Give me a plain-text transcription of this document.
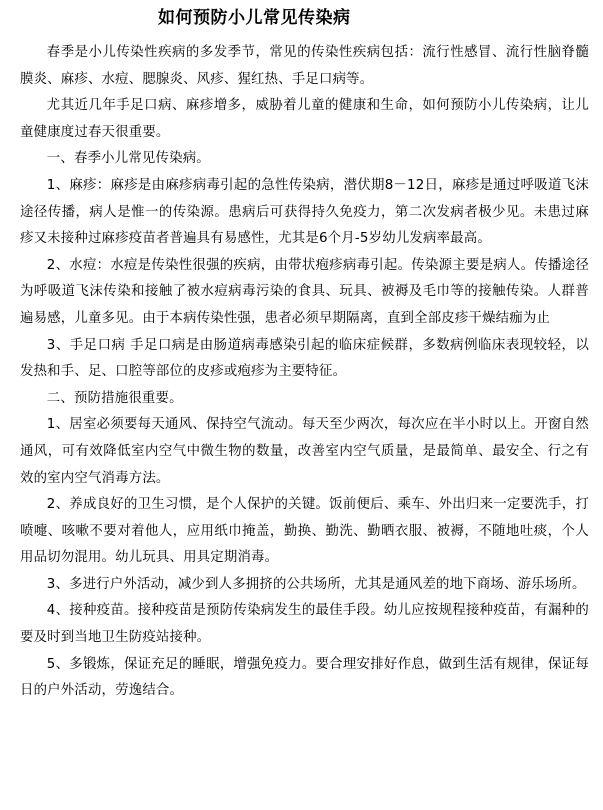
如何预防小儿常见传染病

春季是小儿传染性疾病的多发季节，常见的传染性疾病包括：流行性感冒、流行性脑脊髓膜炎、麻疹、水痘、腮腺炎、风疹、猩红热、手足口病等。

尤其近几年手足口病、麻疹增多，威胁着儿童的健康和生命，如何预防小儿传染病，让儿童健康度过春天很重要。

一、春季小儿常见传染病。

1、麻疹：麻疹是由麻疹病毒引起的急性传染病，潜伏期8－12日，麻疹是通过呼吸道飞沫途径传播，病人是惟一的传染源。患病后可获得持久免疫力，第二次发病者极少见。未患过麻疹又未接种过麻疹疫苗者普遍具有易感性，尤其是6个月-5岁幼儿发病率最高。

2、水痘：水痘是传染性很强的疾病，由带状疱疹病毒引起。传染源主要是病人。传播途径为呼吸道飞沫传染和接触了被水痘病毒污染的食具、玩具、被褥及毛巾等的接触传染。人群普遍易感，儿童多见。由于本病传染性强，患者必须早期隔离，直到全部皮疹干燥结痂为止

3、手足口病 手足口病是由肠道病毒感染引起的临床症候群，多数病例临床表现较轻，以发热和手、足、口腔等部位的皮疹或疱疹为主要特征。

二、预防措施很重要。

1、居室必须要每天通风、保持空气流动。每天至少两次，每次应在半小时以上。开窗自然通风，可有效降低室内空气中微生物的数量，改善室内空气质量，是最简单、最安全、行之有效的室内空气消毒方法。

2、养成良好的卫生习惯，是个人保护的关键。饭前便后、乘车、外出归来一定要洗手，打喷嚏、咳嗽不要对着他人，应用纸巾掩盖，勤换、勤洗、勤晒衣服、被褥，不随地吐痰，个人用品切勿混用。幼儿玩具、用具定期消毒。

3、多进行户外活动，减少到人多拥挤的公共场所，尤其是通风差的地下商场、游乐场所。

4、接种疫苗。接种疫苗是预防传染病发生的最佳手段。幼儿应按规程接种疫苗，有漏种的要及时到当地卫生防疫站接种。

5、多锻炼，保证充足的睡眠，增强免疫力。要合理安排好作息，做到生活有规律，保证每日的户外活动，劳逸结合。
